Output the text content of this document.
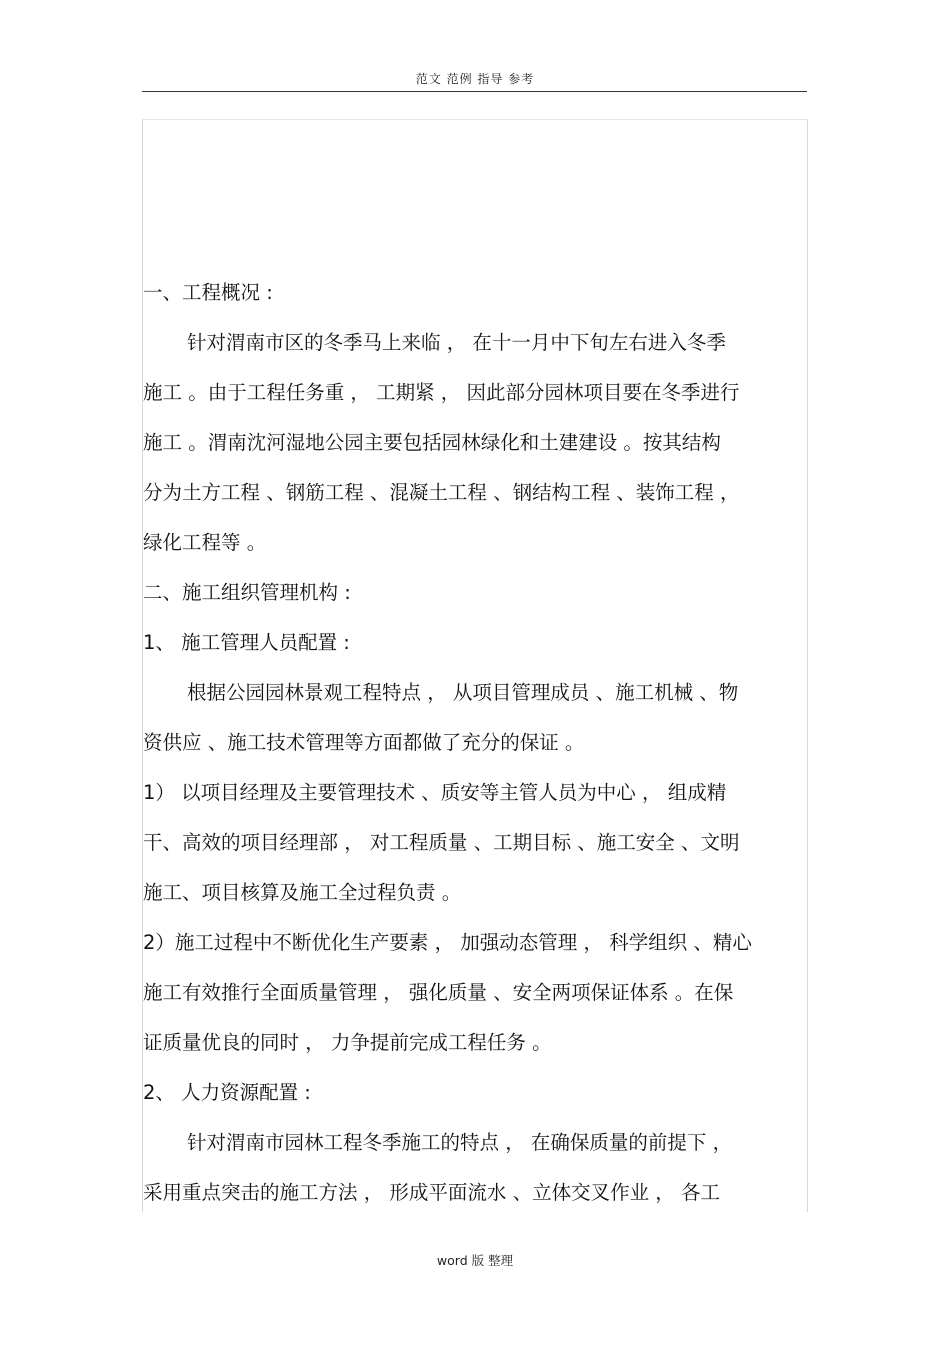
范文 范例 指导 参考
一、工程概况 :
针对渭南市区的冬季马上来临 ， 在十一月中下旬左右进入冬季
施工 。由于工程任务重 ， 工期紧 ， 因此部分园林项目要在冬季进行
施工 。渭南沈河湿地公园主要包括园林绿化和土建建设 。按其结构
分为土方工程 、钢筋工程 、混凝土工程 、钢结构工程 、装饰工程 ，
绿化工程等 。
二、施工组织管理机构 :
1、 施工管理人员配置 :
根据公园园林景观工程特点 ， 从项目管理成员 、施工机械 、物
资供应 、施工技术管理等方面都做了充分的保证 。
1） 以项目经理及主要管理技术 、质安等主管人员为中心 ， 组成精
干、高效的项目经理部 ， 对工程质量 、工期目标 、施工安全 、文明
施工、项目核算及施工全过程负责 。
2）施工过程中不断优化生产要素 ， 加强动态管理 ， 科学组织 、精心
施工有效推行全面质量管理 ， 强化质量 、安全两项保证体系 。在保
证质量优良的同时 ， 力争提前完成工程任务 。
2、 人力资源配置 :
针对渭南市园林工程冬季施工的特点 ， 在确保质量的前提下 ，
采用重点突击的施工方法 ， 形成平面流水 、立体交叉作业 ， 各工
word 版 整理
